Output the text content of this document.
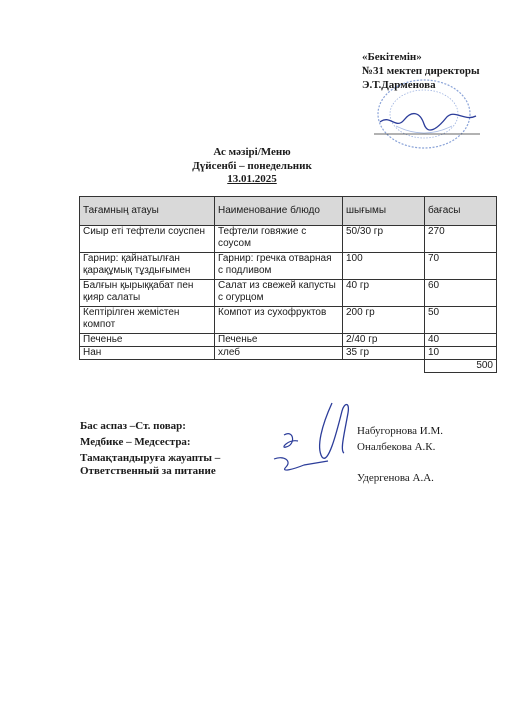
«Бекітемін»
№31 мектеп директоры
Э.Т.Дарменова
Ас мәзірі/Меню
Дүйсенбі – понедельник
13.01.2025
Тағамның атауы	Наименование блюдо	шығымы	бағасы
Сиыр еті тефтели соуспен	Тефтели говяжие с соусом	50/30 гр	270
Гарнир: қайнатылған қарақұмық тұздығымен	Гарнир: гречка отварная с подливом	100	70
Балғын қырыққабат пен қияр салаты	Салат из свежей капусты с огурцом	40 гр	60
Кептірілген жемістен компот	Компот из сухофруктов	200 гр	50
Печенье	Печенье	2/40 гр	40
Нан	хлеб	35 гр	10
			500
Бас аспаз –Ст. повар:
Медбике – Медсестра:
Тамақтандыруға жауапты –
Ответственный за питание
Набугорнова И.М.
Оналбекова А.К.
Удергенова А.А.
